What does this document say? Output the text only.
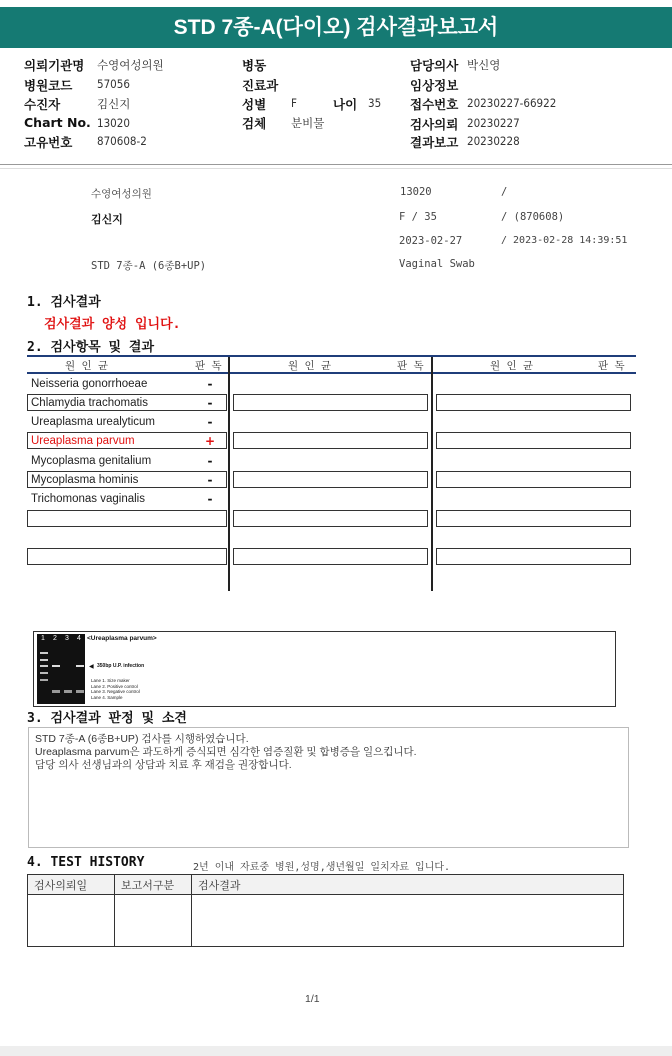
STD 7종-A(다이오) 검사결과보고서
의뢰기관명 수영여성의원
병원코드 57056
수진자	김신지
Chart No. 13020
고유번호 870608-2
병동
진료과
성별 F	나이 35
검체 분비물
담당의사 박신영
임상정보
접수번호 20230227-66922
검사의뢰 20230227
결과보고 20230228
수영여성의원	13020	/
김신지	F / 35	/ (870608)
2023-02-27	/ 2023-02-28 14:39:51
STD 7종-A (6종B+UP)	Vaginal Swab
1. 검사결과
검사결과 양성 입니다.
2. 검사항목 및 결과
원 인 균	판 독	원 인 균	판 독	원 인 균	판 독
Neisseria gonorrhoeae	-
Chlamydia trachomatis	-
Ureaplasma urealyticum	-
Ureaplasma parvum	+
Mycoplasma genitalium	-
Mycoplasma hominis	-
Trichomonas vaginalis	-
1 2 3 4 <Ureaplasma parvum>
◀ 350bp U.P. infection
Lane 1. Size maker
Lane 2. Positive control
Lane 3. Negative control
Lane 4. Sample
3. 검사결과 판정 및 소견
STD 7종-A (6종B+UP) 검사를 시행하였습니다.
Ureaplasma parvum은 과도하게 증식되면 심각한 염증질환 및 합병증을 일으킵니다.
담당 의사 선생님과의 상담과 치료 후 재검을 권장합니다.
4. TEST HISTORY	2년 이내 자료중 병원,성명,생년월일 일치자료 입니다.
검사의뢰일	보고서구분	검사결과

1/1
